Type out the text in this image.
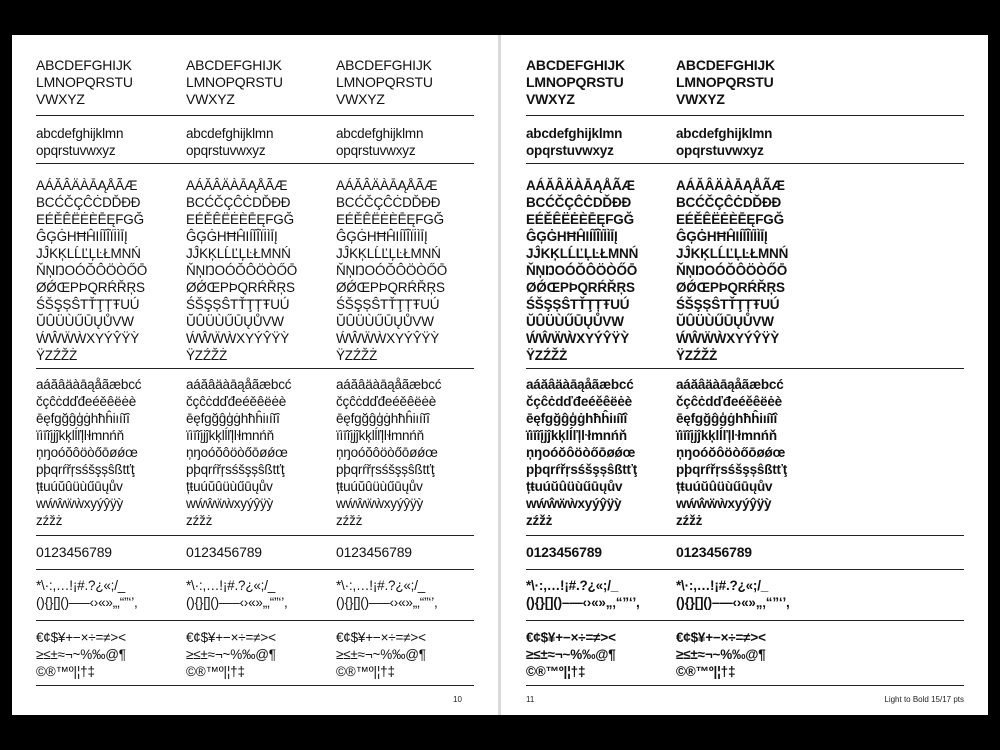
ABCDEFGHIJK
LMNOPQRSTU
VWXYZ
abcdefghijklmn
opqrstuvwxyz
AÁĂÂÄÀĀĄÅÃÆ
BCĆČÇĈĊDĎĐĐ
EÉĚÊËĖÈĒĘFGĞ
ĜĢĠHĦĤIÍĬÎÏİÌĪĮ
JĴKĶLĹĽĻĿŁMNŃ
ŇŅŊOÓŎÔÖÒŐŌ
ØǾŒPÞQRŔŘŖS
ŚŠŞȘŜTŤŢȚŦUÚ
ŬÛÜÙŰŪŲŮVW
ẂŴẄẀXYÝŶŸỲ
ŸZŹŽŻ
aáăâäàāąåãæbcć
čçĉċdďđeéěêëėè
ēęfgğĝģġhħĥiıíĭî
ïìīĩįjĵkķlĺľļŀłmnńň
ņŋoóŏôöòőōøǿœ
pþqrŕřŗsśšşșŝßtťţ
țŧuúŭûüùűūųův
wẃŵẅẁxyýŷÿỳ
zźžż
0123456789
*\·:,…!¡#.?¿«;/_
(){}[]()–—‹›«»„‚“”‘’,
€¢$¥+−×÷=≠><
≥≤±≈¬~%‰@¶
©®™º|¦†‡
ABCDEFGHIJK
LMNOPQRSTU
VWXYZ
abcdefghijklmn
opqrstuvwxyz
AÁĂÂÄÀĀĄÅÃÆ
BCĆČÇĈĊDĎĐĐ
EÉĚÊËĖÈĒĘFGĞ
ĜĢĠHĦĤIÍĬÎÏİÌĪĮ
JĴKĶLĹĽĻĿŁMNŃ
ŇŅŊOÓŎÔÖÒŐŌ
ØǾŒPÞQRŔŘŖS
ŚŠŞȘŜTŤŢȚŦUÚ
ŬÛÜÙŰŪŲŮVW
ẂŴẄẀXYÝŶŸỲ
ŸZŹŽŻ
aáăâäàāąåãæbcć
čçĉċdďđeéěêëėè
ēęfgğĝģġhħĥiıíĭî
ïìīĩįjĵkķlĺľļŀłmnńň
ņŋoóŏôöòőōøǿœ
pþqrŕřŗsśšşșŝßtťţ
țŧuúŭûüùűūųův
wẃŵẅẁxyýŷÿỳ
zźžż
0123456789
*\·:,…!¡#.?¿«;/_
(){}[]()–—‹›«»„‚“”‘’,
€¢$¥+−×÷=≠><
≥≤±≈¬~%‰@¶
©®™º|¦†‡
ABCDEFGHIJK
LMNOPQRSTU
VWXYZ
abcdefghijklmn
opqrstuvwxyz
AÁĂÂÄÀĀĄÅÃÆ
BCĆČÇĈĊDĎĐĐ
EÉĚÊËĖÈĒĘFGĞ
ĜĢĠHĦĤIÍĬÎÏİÌĪĮ
JĴKĶLĹĽĻĿŁMNŃ
ŇŅŊOÓŎÔÖÒŐŌ
ØǾŒPÞQRŔŘŖS
ŚŠŞȘŜTŤŢȚŦUÚ
ŬÛÜÙŰŪŲŮVW
ẂŴẄẀXYÝŶŸỲ
ŸZŹŽŻ
aáăâäàāąåãæbcć
čçĉċdďđeéěêëėè
ēęfgğĝģġhħĥiıíĭî
ïìīĩįjĵkķlĺľļŀłmnńň
ņŋoóŏôöòőōøǿœ
pþqrŕřŗsśšşșŝßtťţ
țŧuúŭûüùűūųův
wẃŵẅẁxyýŷÿỳ
zźžż
0123456789
*\·:,…!¡#.?¿«;/_
(){}[]()–—‹›«»„‚“”‘’,
€¢$¥+−×÷=≠><
≥≤±≈¬~%‰@¶
©®™º|¦†‡
10
ABCDEFGHIJK
LMNOPQRSTU
VWXYZ
abcdefghijklmn
opqrstuvwxyz
AÁĂÂÄÀĀĄÅÃÆ
BCĆČÇĈĊDĎĐĐ
EÉĚÊËĖÈĒĘFGĞ
ĜĢĠHĦĤIÍĬÎÏİÌĪĮ
JĴKĶLĹĽĻĿŁMNŃ
ŇŅŊOÓŎÔÖÒŐŌ
ØǾŒPÞQRŔŘŖS
ŚŠŞȘŜTŤŢȚŦUÚ
ŬÛÜÙŰŪŲŮVW
ẂŴẄẀXYÝŶŸỲ
ŸZŹŽŻ
aáăâäàāąåãæbcć
čçĉċdďđeéěêëėè
ēęfgğĝģġhħĥiıíĭî
ïìīĩįjĵkķlĺľļŀłmnńň
ņŋoóŏôöòőōøǿœ
pþqrŕřŗsśšşșŝßtťţ
țŧuúŭûüùűūųův
wẃŵẅẁxyýŷÿỳ
zźžż
0123456789
*\·:,…!¡#.?¿«;/_
(){}[]()–—‹›«»„‚“”‘’,
€¢$¥+−×÷=≠><
≥≤±≈¬~%‰@¶
©®™º|¦†‡
ABCDEFGHIJK
LMNOPQRSTU
VWXYZ
abcdefghijklmn
opqrstuvwxyz
AÁĂÂÄÀĀĄÅÃÆ
BCĆČÇĈĊDĎĐĐ
EÉĚÊËĖÈĒĘFGĞ
ĜĢĠHĦĤIÍĬÎÏİÌĪĮ
JĴKĶLĹĽĻĿŁMNŃ
ŇŅŊOÓŎÔÖÒŐŌ
ØǾŒPÞQRŔŘŖS
ŚŠŞȘŜTŤŢȚŦUÚ
ŬÛÜÙŰŪŲŮVW
ẂŴẄẀXYÝŶŸỲ
ŸZŹŽŻ
aáăâäàāąåãæbcć
čçĉċdďđeéěêëėè
ēęfgğĝģġhħĥiıíĭî
ïìīĩįjĵkķlĺľļŀłmnńň
ņŋoóŏôöòőōøǿœ
pþqrŕřŗsśšşșŝßtťţ
țŧuúŭûüùűūųův
wẃŵẅẁxyýŷÿỳ
zźžż
0123456789
*\·:,…!¡#.?¿«;/_
(){}[]()–—‹›«»„‚“”‘’,
€¢$¥+−×÷=≠><
≥≤±≈¬~%‰@¶
©®™º|¦†‡
11	Light to Bold 15/17 pts
